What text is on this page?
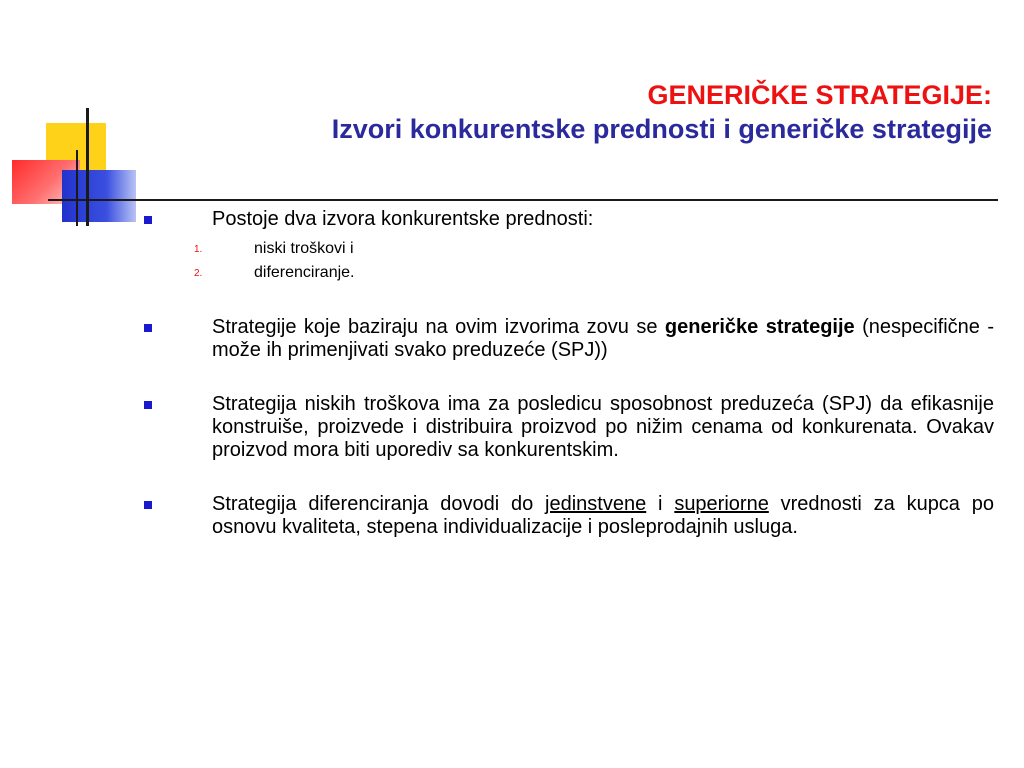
GENERIČKE STRATEGIJE:
Izvori konkurentske prednosti i generičke strategije
Postoje dva izvora konkurentske prednosti:
1.	niski troškovi i
2.	diferenciranje.
Strategije koje baziraju na ovim izvorima zovu se generičke strategije (nespecifične - može ih primenjivati svako preduzeće (SPJ))
Strategija niskih troškova ima za posledicu sposobnost preduzeća (SPJ) da efikasnije konstruiše, proizvede i distribuira proizvod po nižim cenama od konkurenata. Ovakav proizvod mora biti uporediv sa konkurentskim.
Strategija diferenciranja dovodi do jedinstvene i superiorne vrednosti za kupca po osnovu kvaliteta, stepena individualizacije i posleprodajnih usluga.
